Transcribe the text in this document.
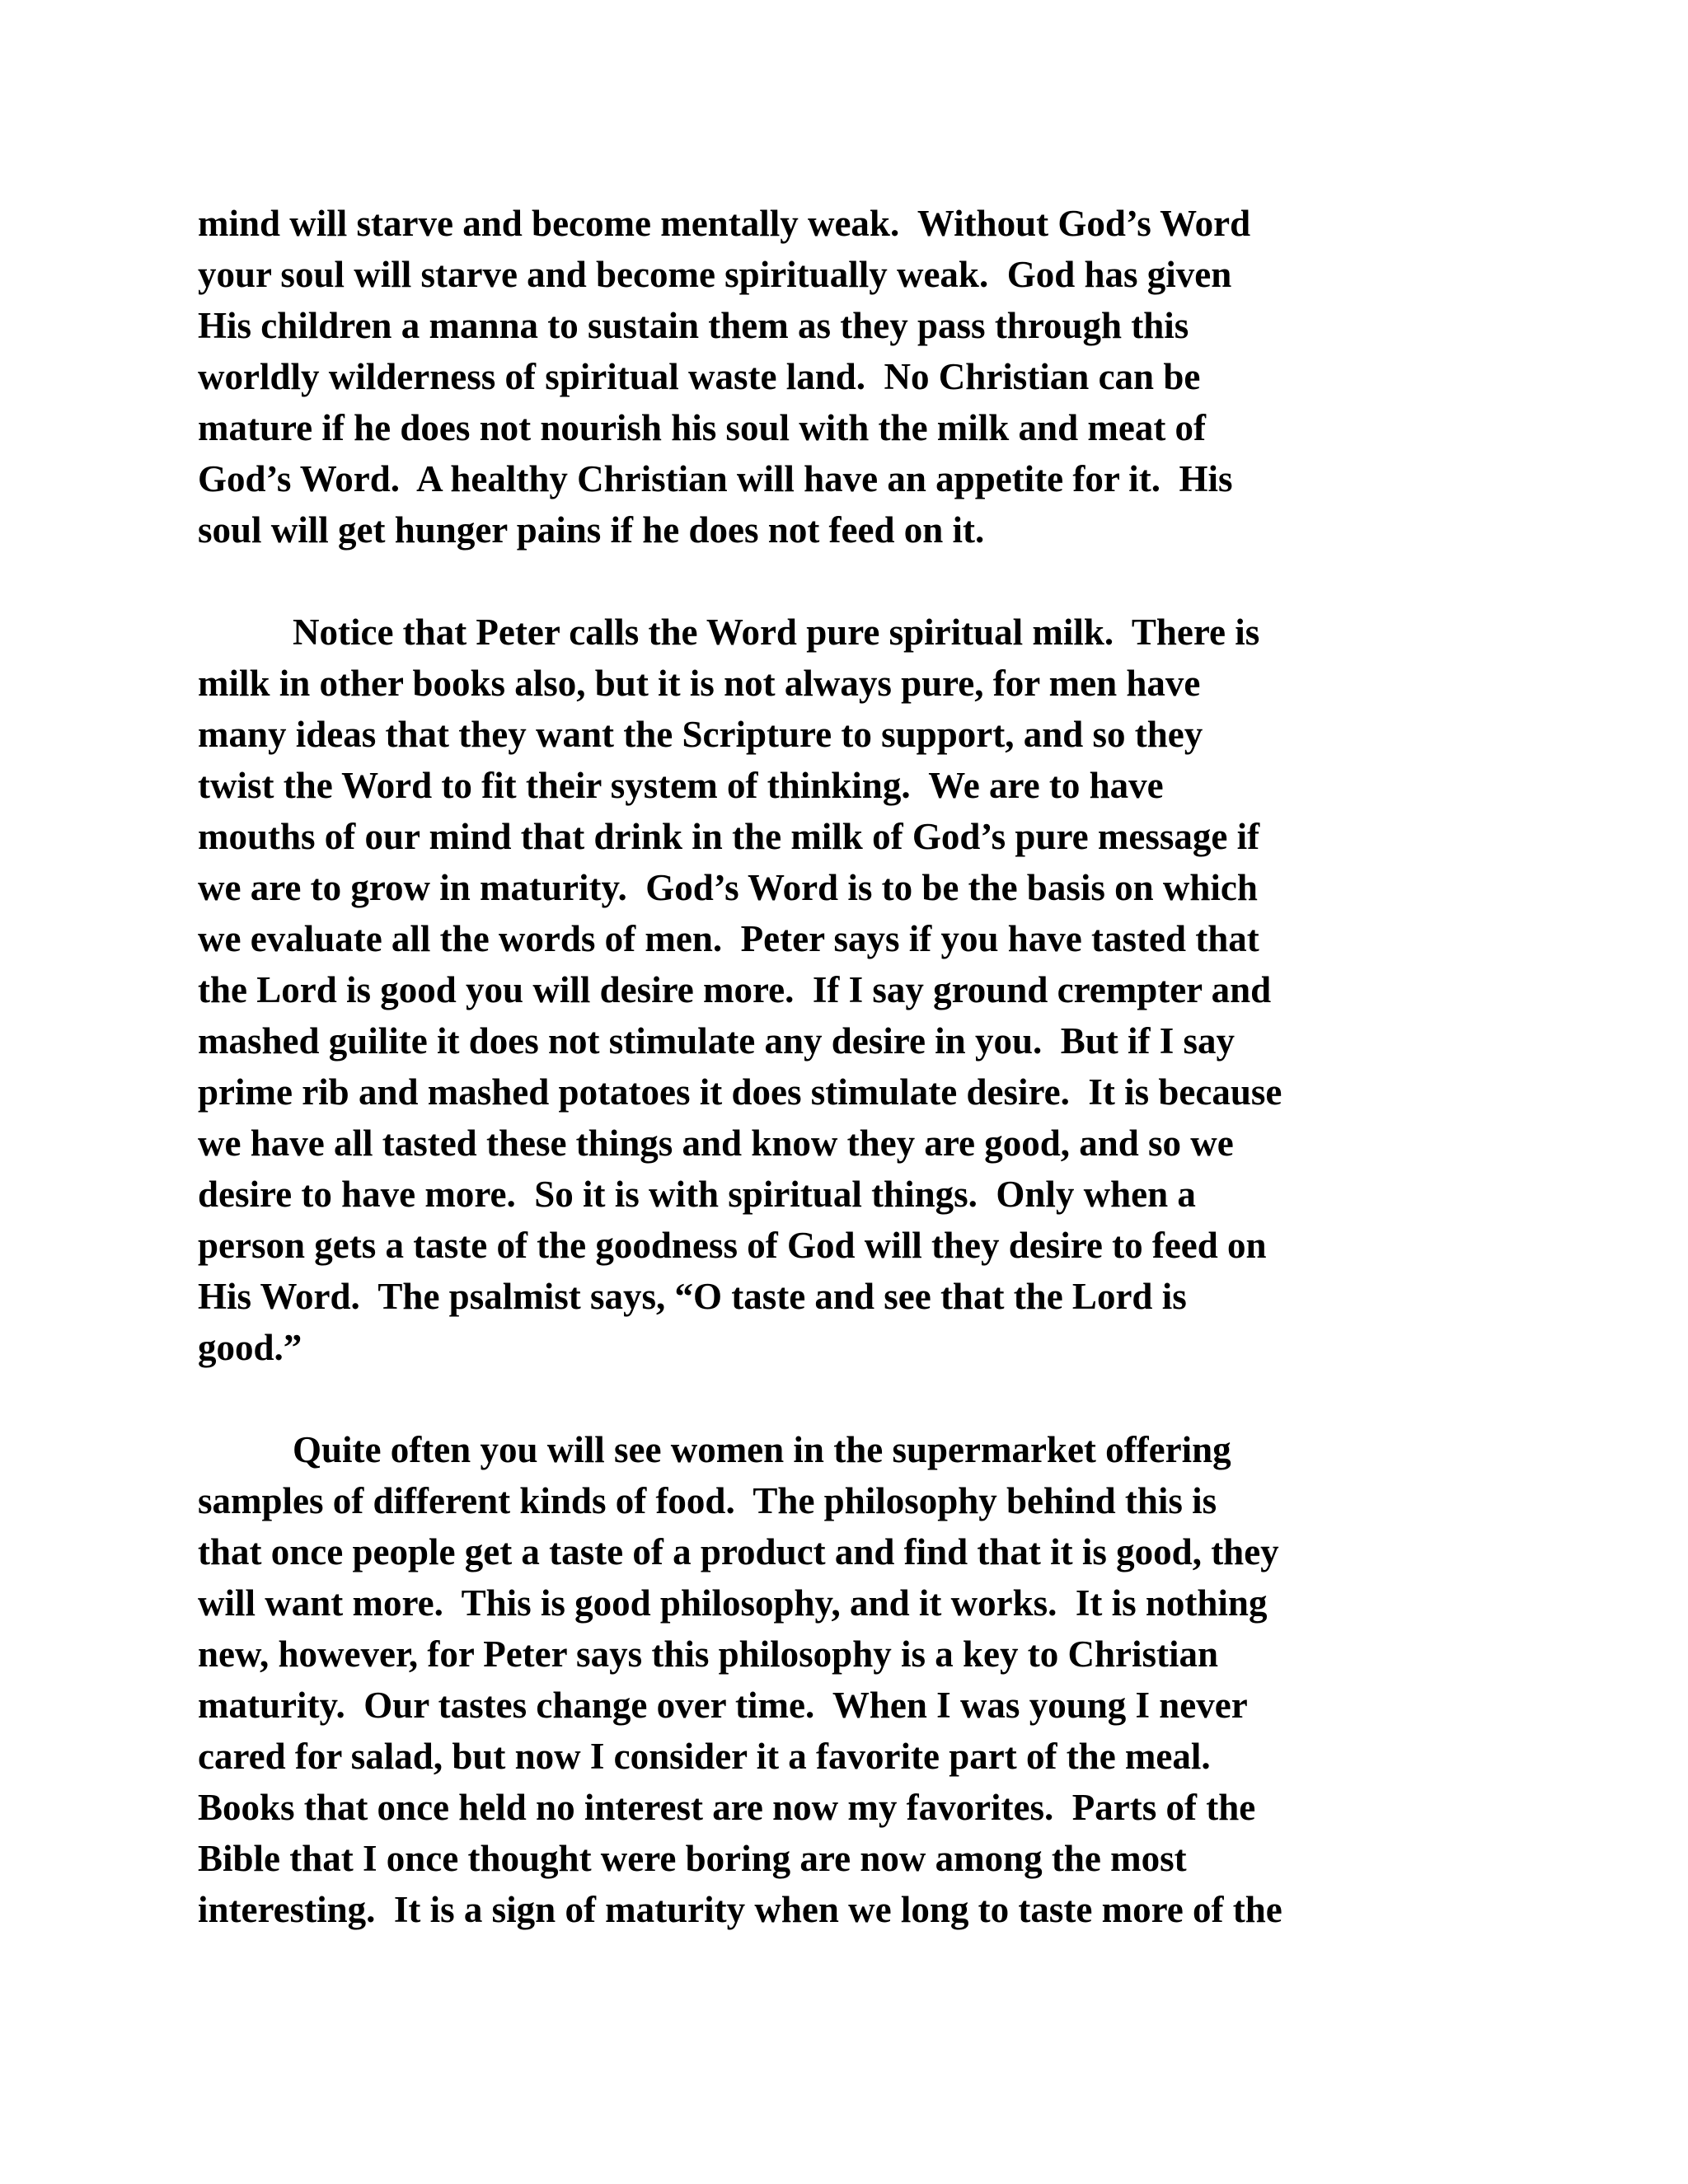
mind will starve and become mentally weak.  Without God’s Word
your soul will starve and become spiritually weak.  God has given
His children a manna to sustain them as they pass through this
worldly wilderness of spiritual waste land.  No Christian can be
mature if he does not nourish his soul with the milk and meat of
God’s Word.  A healthy Christian will have an appetite for it.  His
soul will get hunger pains if he does not feed on it.
Notice that Peter calls the Word pure spiritual milk.  There is
milk in other books also, but it is not always pure, for men have
many ideas that they want the Scripture to support, and so they
twist the Word to fit their system of thinking.  We are to have
mouths of our mind that drink in the milk of God’s pure message if
we are to grow in maturity.  God’s Word is to be the basis on which
we evaluate all the words of men.  Peter says if you have tasted that
the Lord is good you will desire more.  If I say ground crempter and
mashed guilite it does not stimulate any desire in you.  But if I say
prime rib and mashed potatoes it does stimulate desire.  It is because
we have all tasted these things and know they are good, and so we
desire to have more.  So it is with spiritual things.  Only when a
person gets a taste of the goodness of God will they desire to feed on
His Word.  The psalmist says, “O taste and see that the Lord is
good.”
Quite often you will see women in the supermarket offering
samples of different kinds of food.  The philosophy behind this is
that once people get a taste of a product and find that it is good, they
will want more.  This is good philosophy, and it works.  It is nothing
new, however, for Peter says this philosophy is a key to Christian
maturity.  Our tastes change over time.  When I was young I never
cared for salad, but now I consider it a favorite part of the meal.
Books that once held no interest are now my favorites.  Parts of the
Bible that I once thought were boring are now among the most
interesting.  It is a sign of maturity when we long to taste more of the
